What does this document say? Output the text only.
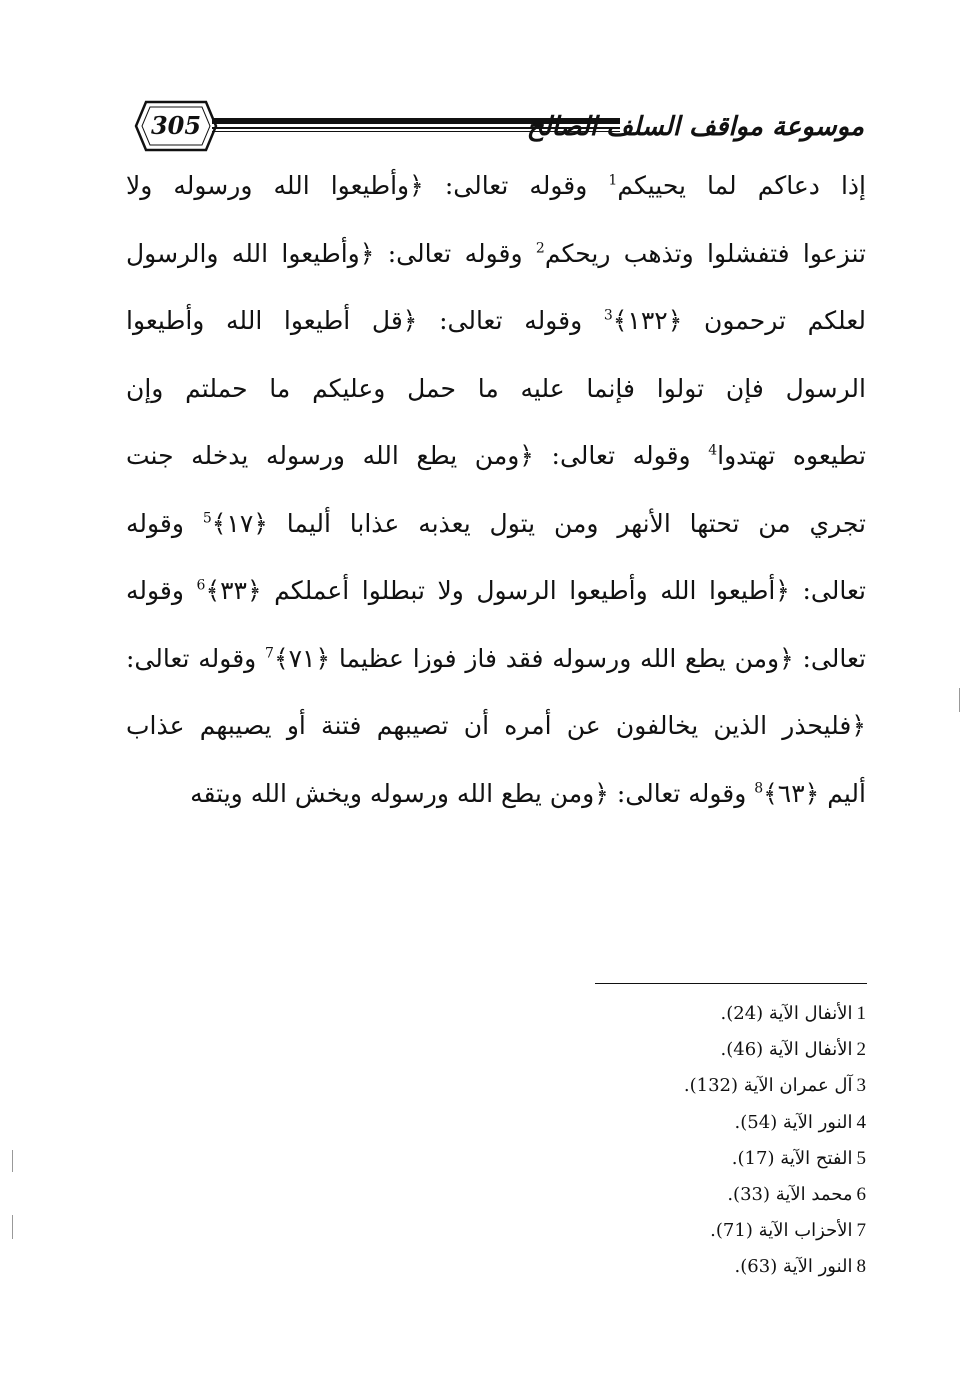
305	موسوعة مواقف السلف الصالح
إذا دعاكم لما يحييكم$^1$ وقوله تعالى: ﴿وأطيعوا الله ورسوله ولا
تنزعوا فتفشلوا وتذهب ريحكم$^2$ وقوله تعالى: ﴿وأطيعوا الله والرسول
لعلكم ترحمون ﴿١٣٢﴾$^3$ وقوله تعالى: ﴿قل أطيعوا الله وأطيعوا
الرسول فإن تولوا فإنما عليه ما حمل وعليكم ما حملتم وإن
تطيعوه تهتدوا$^4$ وقوله تعالى: ﴿ومن يطع الله ورسوله يدخله جنت
تجري من تحتها الأنهر ومن يتول يعذبه عذابا أليما ﴿١٧﴾$^5$ وقوله
تعالى: ﴿أطيعوا الله وأطيعوا الرسول ولا تبطلوا أعملكم ﴿٣٣﴾$^6$ وقوله
تعالى: ﴿ومن يطع الله ورسوله فقد فاز فوزا عظيما ﴿٧١﴾$^7$ وقوله تعالى:
﴿فليحذر الذين يخالفون عن أمره أن تصيبهم فتنة أو يصيبهم عذاب
أليم ﴿٦٣﴾$^8$ وقوله تعالى: ﴿ومن يطع الله ورسوله ويخش الله ويتقه
1الأنفال الآية (24).
2الأنفال الآية (46).
3آل عمران الآية (132).
4النور الآية (54).
5الفتح الآية (17).
6محمد الآية (33).
7الأحزاب الآية (71).
8النور الآية (63).
